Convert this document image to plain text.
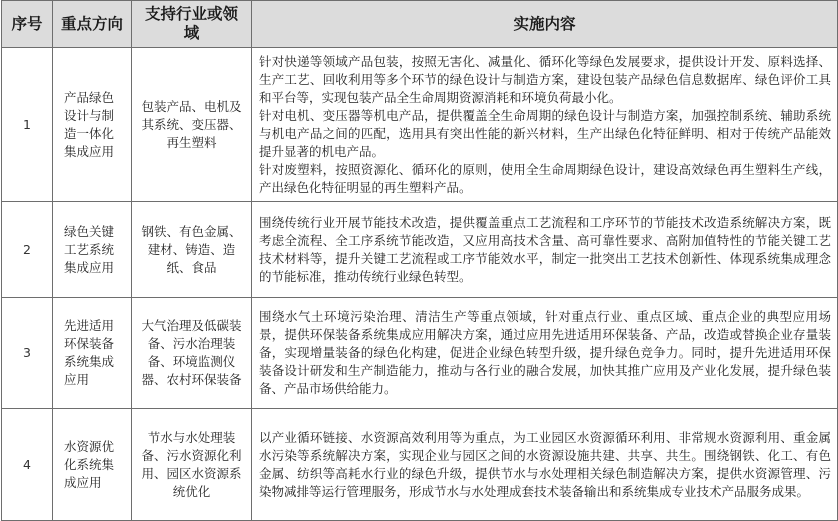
序号	重点方向	支持行业或领域	实施内容

1	产品绿色设计与制造一体化集成应用	包装产品、电机及其系统、变压器、再生塑料	针对快递等领域产品包装，按照无害化、减量化、循环化等绿色发展要求，提供设计开发、原料选择、生产工艺、回收利用等多个环节的绿色设计与制造方案，建设包装产品绿色信息数据库、绿色评价工具和平台等，实现包装产品全生命周期资源消耗和环境负荷最小化。
针对电机、变压器等机电产品，提供覆盖全生命周期的绿色设计与制造方案，加强控制系统、辅助系统与机电产品之间的匹配，选用具有突出性能的新兴材料，生产出绿色化特征鲜明、相对于传统产品能效提升显著的机电产品。
针对废塑料，按照资源化、循环化的原则，使用全生命周期绿色设计，建设高效绿色再生塑料生产线，产出绿色化特征明显的再生塑料产品。

2	绿色关键工艺系统集成应用	钢铁、有色金属、建材、铸造、造纸、食品	围绕传统行业开展节能技术改造，提供覆盖重点工艺流程和工序环节的节能技术改造系统解决方案，既考虑全流程、全工序系统节能改造，又应用高技术含量、高可靠性要求、高附加值特性的节能关键工艺技术材料等，提升关键工艺流程或工序节能效水平，制定一批突出工艺技术创新性、体现系统集成理念的节能标准，推动传统行业绿色转型。

3	先进适用环保装备系统集成应用	大气治理及低碳装备、污水治理装备、环境监测仪器、农村环保装备	围绕水气土环境污染治理、清洁生产等重点领域，针对重点行业、重点区域、重点企业的典型应用场景，提供环保装备系统集成应用解决方案，通过应用先进适用环保装备、产品，改造或替换企业存量装备，实现增量装备的绿色化构建，促进企业绿色转型升级，提升绿色竞争力。同时，提升先进适用环保装备设计研发和生产制造能力，推动与各行业的融合发展，加快其推广应用及产业化发展，提升绿色装备、产品市场供给能力。

4	水资源优化系统集成应用	节水与水处理装备、污水资源化利用、园区水资源系统优化	以产业循环链接、水资源高效利用等为重点，为工业园区水资源循环利用、非常规水资源利用、重金属水污染等系统解决方案，实现企业与园区之间的水资源设施共建、共享、共生。围绕钢铁、化工、有色金属、纺织等高耗水行业的绿色升级，提供节水与水处理相关绿色制造解决方案，提供水资源管理、污染物减排等运行管理服务，形成节水与水处理成套技术装备输出和系统集成专业技术产品服务成果。
